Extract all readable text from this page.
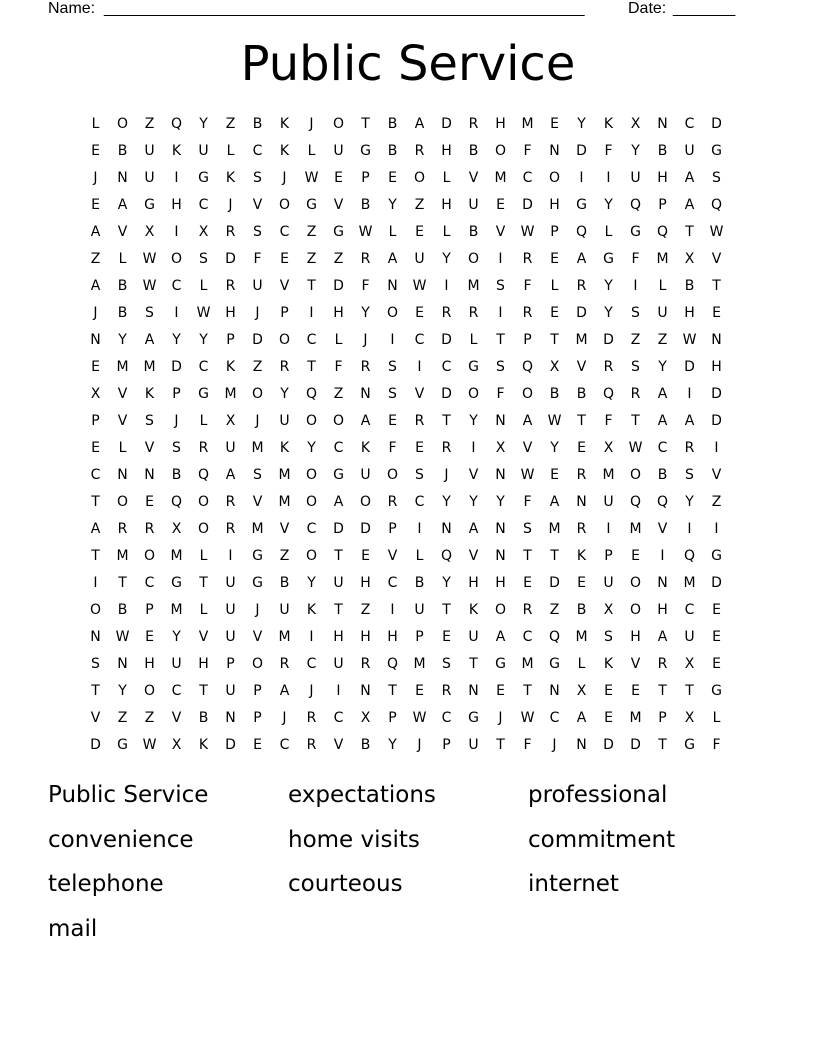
Name: ______________________________________________________	Date: _______
Public Service
L	O	Z	Q	Y	Z	B	K	J	O	T	B	A	D	R	H	M	E	Y	K	X	N	C	D
E	B	U	K	U	L	C	K	L	U	G	B	R	H	B	O	F	N	D	F	Y	B	U	G
J	N	U	I	G	K	S	J	W	E	P	E	O	L	V	M	C	O	I	I	U	H	A	S
E	A	G	H	C	J	V	O	G	V	B	Y	Z	H	U	E	D	H	G	Y	Q	P	A	Q
A	V	X	I	X	R	S	C	Z	G	W	L	E	L	B	V	W	P	Q	L	G	Q	T	W
Z	L	W	O	S	D	F	E	Z	Z	R	A	U	Y	O	I	R	E	A	G	F	M	X	V
A	B	W	C	L	R	U	V	T	D	F	N	W	I	M	S	F	L	R	Y	I	L	B	T
J	B	S	I	W	H	J	P	I	H	Y	O	E	R	R	I	R	E	D	Y	S	U	H	E
N	Y	A	Y	Y	P	D	O	C	L	J	I	C	D	L	T	P	T	M	D	Z	Z	W	N
E	M	M	D	C	K	Z	R	T	F	R	S	I	C	G	S	Q	X	V	R	S	Y	D	H
X	V	K	P	G	M	O	Y	Q	Z	N	S	V	D	O	F	O	B	B	Q	R	A	I	D
P	V	S	J	L	X	J	U	O	O	A	E	R	T	Y	N	A	W	T	F	T	A	A	D
E	L	V	S	R	U	M	K	Y	C	K	F	E	R	I	X	V	Y	E	X	W	C	R	I
C	N	N	B	Q	A	S	M	O	G	U	O	S	J	V	N	W	E	R	M	O	B	S	V
T	O	E	Q	O	R	V	M	O	A	O	R	C	Y	Y	Y	F	A	N	U	Q	Q	Y	Z
A	R	R	X	O	R	M	V	C	D	D	P	I	N	A	N	S	M	R	I	M	V	I	I
T	M	O	M	L	I	G	Z	O	T	E	V	L	Q	V	N	T	T	K	P	E	I	Q	G
I	T	C	G	T	U	G	B	Y	U	H	C	B	Y	H	H	E	D	E	U	O	N	M	D
O	B	P	M	L	U	J	U	K	T	Z	I	U	T	K	O	R	Z	B	X	O	H	C	E
N	W	E	Y	V	U	V	M	I	H	H	H	P	E	U	A	C	Q	M	S	H	A	U	E
S	N	H	U	H	P	O	R	C	U	R	Q	M	S	T	G	M	G	L	K	V	R	X	E
T	Y	O	C	T	U	P	A	J	I	N	T	E	R	N	E	T	N	X	E	E	T	T	G
V	Z	Z	V	B	N	P	J	R	C	X	P	W	C	G	J	W	C	A	E	M	P	X	L
D	G	W	X	K	D	E	C	R	V	B	Y	J	P	U	T	F	J	N	D	D	T	G	F
Public Service	expectations	professional
convenience	home visits	commitment
telephone	courteous	internet
mail
